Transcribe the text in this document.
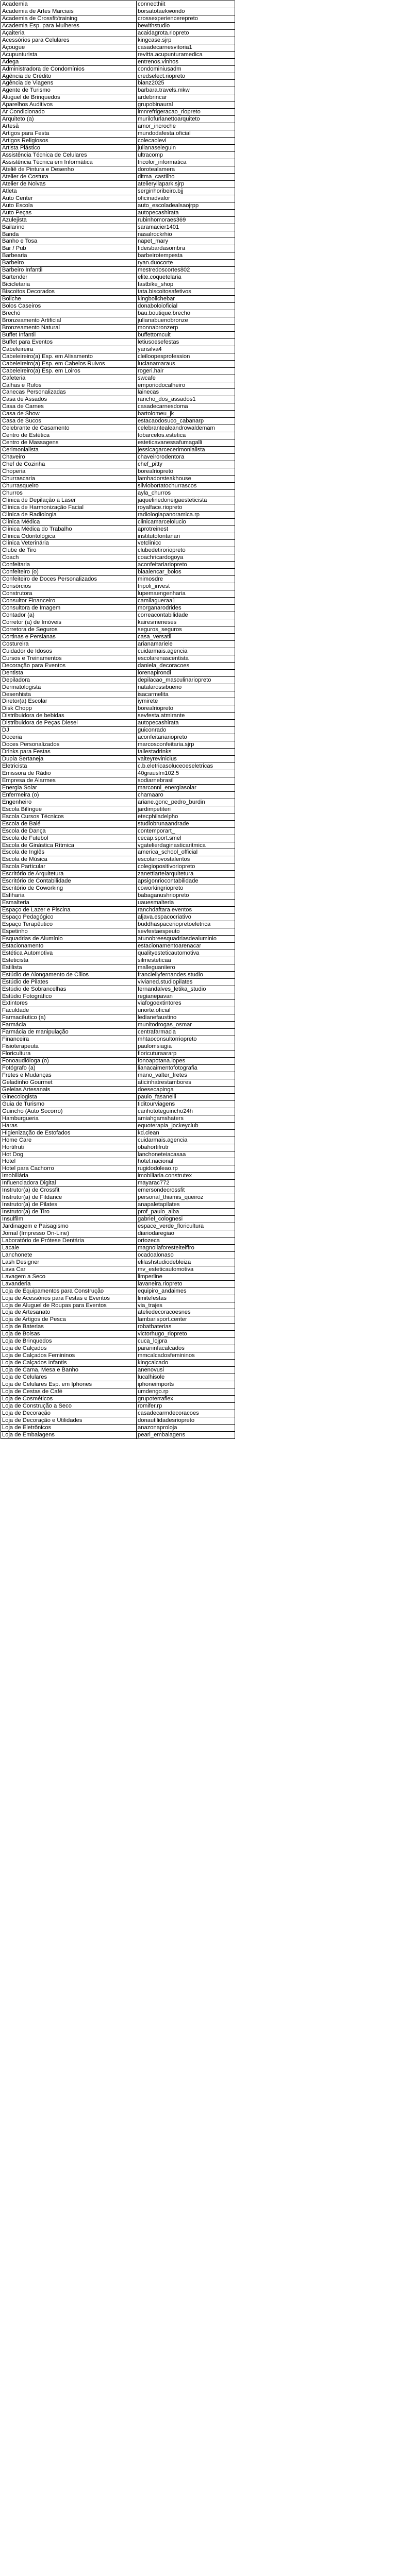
Academia	connecthiit
Academia de Artes Marciais	borsatotaekwondo
Academia de Crossfit/training	crossexperiencerepreto
Academia Esp. para Mulheres	bewithstudio
Açaiteria	acaidagrota.riopreto
Acessórios para Celulares	kingcase.sjrp
Açougue	casadecarnesvitoria1
Acupunturista	revitta.acupunturamedica
Adega	entrenos.vinhos
Administradora de Condomínios	condominiusadm
Agência de Crédito	credselect.riopreto
Agência de Viagens	bianz2025
Agente de Turismo	barbara.travels.mkw
Aluguel de Brinquedos	ardebrincar
Aparelhos Auditivos	grupobinaural
Ar Condicionado	imnrefrigeracao_riopreto
Arquiteto (a)	murilofurlanettoarquiteto
Artesã	amor_incroche
Artigos para Festa	mundodafesta.oficial
Artigos Religiosos	colecaolevi
Artista Plástico	julianaseleguin
Assistência Técnica de Celulares	ultracomp
Assistência Técnica em Informática	tricolor_informatica
Ateliê de Pintura e Desenho	dorotealamera
Atelier de Costura	ditma_castilho
Atelier de Noivas	atelieryllapark.sjrp
Atleta	serginhoribeiro.bjj
Auto Center	oficinadvalor
Auto Escola	auto_escoladealsaojrpp
Auto Peças	autopecashirata
Azulejista	rubinhomoraes369
Bailarino	saramacier1401
Banda	nasalrockrhio
Banho e Tosa	napet_mary
Bar / Pub	fideisbardasombra
Barbearia	barbeirotempesta
Barbeiro	ryan.duocorte
Barbeiro Infantil	mestredoscortes802
Bartender	elite.coquetelaria
Bicicletaria	fastbike_shop
Biscoitos Decorados	tata.biscoitosafetivos
Boliche	kingbolichebar
Bolos Caseiros	donaboloioficial
Brechó	bau.boutique.brecho
Bronzeamento Artificial	julianabuenobronze
Bronzeamento Natural	monnabronzerp
Buffet Infantil	buffettomcuit
Buffet para Eventos	letiusoesefestas
Cabeleireira	yansilva4
Cabeleireiro(a) Esp. em Alisamento	cleiloopesprofession
Cabeleireiro(a) Esp. em Cabelos Ruivos	lucianamaraus
Cabeleireiro(a) Esp. em Loiros	rogeri.hair
Cafeteria	swcafe
Calhas e Rufos	emporiodocalheiro
Canecas Personalizadas	lainecas
Casa de Assados	rancho_dos_assados1
Casa de Carnes	casadecarnesdoma
Casa de Show	bartolomeu_jk
Casa de Sucos	estacaodosuco_cabanarp
Celebrante de Casamento	celebrantealeandrowaldemam
Centro de Estética	tobarcelos.estetica
Centro de Massagens	esteticavanessafumagalli
Cerimonialista	jessicagarcecerimonialista
Chaveiro	chaveirorodentora
Chef de Cozinha	chef_pitty
Choperia	borealriopreto
Churrascaria	lamhadorsteakhouse
Churrasqueiro	silviobortatochurrascos
Churros	ayla_churros
Clínica de Depilação a Laser	jaquelinedoneigaesteticista
Clínica de Harmonização Facial	royalface.riopreto
Clínica de Radiologia	radiologiapanoramica.rp
Clínica Médica	clinicamarcelolucio
Clínica Médica do Trabalho	aprotreinest
Clínica Odontológica	institutofontanari
Clínica Veterinária	vetclinicc
Clube de Tiro	clubedetiroriopreto
Coach	coachricardogoya
Confeitaria	aconfeitariariopreto
Confeiteiro (o)	biaalencar_bolos
Confeiteiro de Doces Personalizados	mimosdre
Consórcios	tripoli_invest
Construtora	lupemaengenharia
Consultor Financeiro	camilagueraa1
Consultora de Imagem	morganarodrides
Contador (a)	correacontabilidade
Corretor (a) de Imóveis	kairesmeneses
Corretora de Seguros	seguros_seguros
Cortinas e Persianas	casa_versatil
Costureira	arianamariele
Cuidador de Idosos	cuidarmais.agencia
Cursos e Treinamentos	escolarenascentista
Decoração para Eventos	daniela_decoracoes
Dentista	lorenapirondi
Depiladora	depilacao_masculinariopreto
Dermatologista	natalarossibueno
Desenhista	isacarmelita
Diretor(a) Escolar	iymirete
Disk Chopp	borealriopreto
Distribuidora de bebidas	sevfesta.atmirante
Distribuidora de Peças Diesel	autopecashirata
DJ	guiconrado
Doceria	aconfeitariariopreto
Doces Personalizados	marcosconfeitaria.sjrp
Drinks para Festas	tallestadrinks
Dupla Sertaneja	valteyrevinicius
Eletricista	c.b.eletricasoluceoeseletricas
Emissora de Rádio	40grauslm102.5
Empresa de Alarmes	sodiarnebrasil
Energia Solar	marconni_energiasolar
Enfermeira (o)	chamaaro
Engenheiro	ariane.gonc_pedro_burdin
Escola Bilíngue	jardimpetiteri
Escola Cursos Técnicos	etecphiladelpho
Escola de Balé	studiobrunaandrade
Escola de Dança	contemporart_
Escola de Futebol	cecap.sport.smel
Escola de Ginástica Rítmica	vgatelierdaginasticaritmica
Escola de Inglês	america_school_official
Escola de Música	escolanovostalentos
Escola Particular	colegiopositivoriopreto
Escritório de Arquitetura	zanettiarteiarquitetura
Escritório de Contabilidade	apsigonriocontabilidade
Escritório de Coworking	coworkingriopreto
Esfiharia	babaganushriopreto
Esmalteria	uauesmalteria
Espaço de Lazer e Piscina	ranchdaftara.eventos
Espaço Pedagógico	aljava.espacocriativo
Espaço Terapêutico	buddhaspaceriopretoeletrica
Espetinho	sevfestaespeuto
Esquadrias de Alumínio	atunobreesquadriasdealuminio
Estacionamento	estacionamentoarenacar
Estética Automotiva	qualityesteticautomotiva
Esteticista	silmesteticaa
Estilista	malleguaniiero
Estúdio de Alongamento de Cílios	franciellyfernandes.studio
Estúdio de Pilates	vivianed.studiopilates
Estúdio de Sobrancelhas	fernandalves_letika_studio
Estúdio Fotográfico	regianepavan
Extintores	viafogoextintores
Faculdade	unorte.oficial
Farmacêutico (a)	ledianefaustino
Farmácia	munitodrogas_osmar
Farmácia de manipulação	centrafarmacia
Financeira	mhtaoconsultorriopreto
Fisioterapeuta	paulomsiagia
Floricultura	floricuturaararp
Fonoaudióloga (o)	fonoapotana.lopes
Fotógrafo (a)	lianacaimentofotografia
Fretes e Mudanças	mano_valter_fretes
Geladinho Gourmet	aticinhatrestambores
Geleias Artesanais	doesecapinga
Ginecologista	paulo_fasanelli
Guia de Turismo	tiditourviagens
Guincho (Auto Socorro)	canhototeguincho24h
Hamburgueria	amiahgamshaters
Haras	equoterapia_jockeyclub
Higienização de Estofados	kd.clean
Home Care	cuidarmais.agencia
Hortifruti	obahortifrutr
Hot Dog	lanchoneteiacasaa
Hotel	hotel.nacional
Hotel para Cachorro	rugidodoleao.rp
Imobiliária	imobiliaria.construtex
Influenciadora Digital	mayarac772
Instrutor(a) de Crossfit	emersondecrossfit
Instrutor(a) de Fitdance	personal_thiamis_queiroz
Instrutor(a) de Pilates	anapaletapilates
Instrutor(a) de Tiro	prof_paulo_alba
Insulfilm	gabriel_colognesi
Jardinagem e Paisagismo	espace_verde_floricultura
Jornal (Impresso On-Line)	diariodaregiao
Laboratório de Prótese Dentária	ortozeca
Lacaie	magnollaforesteiteiffro
Lanchonete	ocadoalonaso
Lash Designer	elilashstudiodebleiza
Lava Car	mv_esteticautomotiva
Lavagem a Seco	limperline
Lavanderia	lavaneira.riopreto
Loja de Equipamentos para Construção	equipiro_andaimes
Loja de Acessórios para Festas e Eventos	limitefestas
Loja de Aluguel de Roupas para Eventos	via_trajes
Loja de Artesanato	ateliedecoracoesnes
Loja de Artigos de Pesca	lambarisport.center
Loja de Baterias	robatbaterias
Loja de Bolsas	victorhugo_riopreto
Loja de Brinquedos	cuca_lojpra
Loja de Calçados	paraninfacalcados
Loja de Calçados Femininos	mmcalcadosfemininos
Loja de Calçados Infantis	kingcalcado
Loja de Cama, Mesa e Banho	anenovusi
Loja de Celulares	lucalhisole
Loja de Celulares Esp. em Iphones	iphoneimports
Loja de Cestas de Café	umdengo.rp
Loja de Cosméticos	grupoterraflex
Loja de Construção a Seco	romifer.rp
Loja de Decoração	casadecarmdecoracoes
Loja de Decoração e Utilidades	donautilidadesriopreto
Loja de Eletrônicos	anazonaproloja
Loja de Embalagens	pearl_embalagens
